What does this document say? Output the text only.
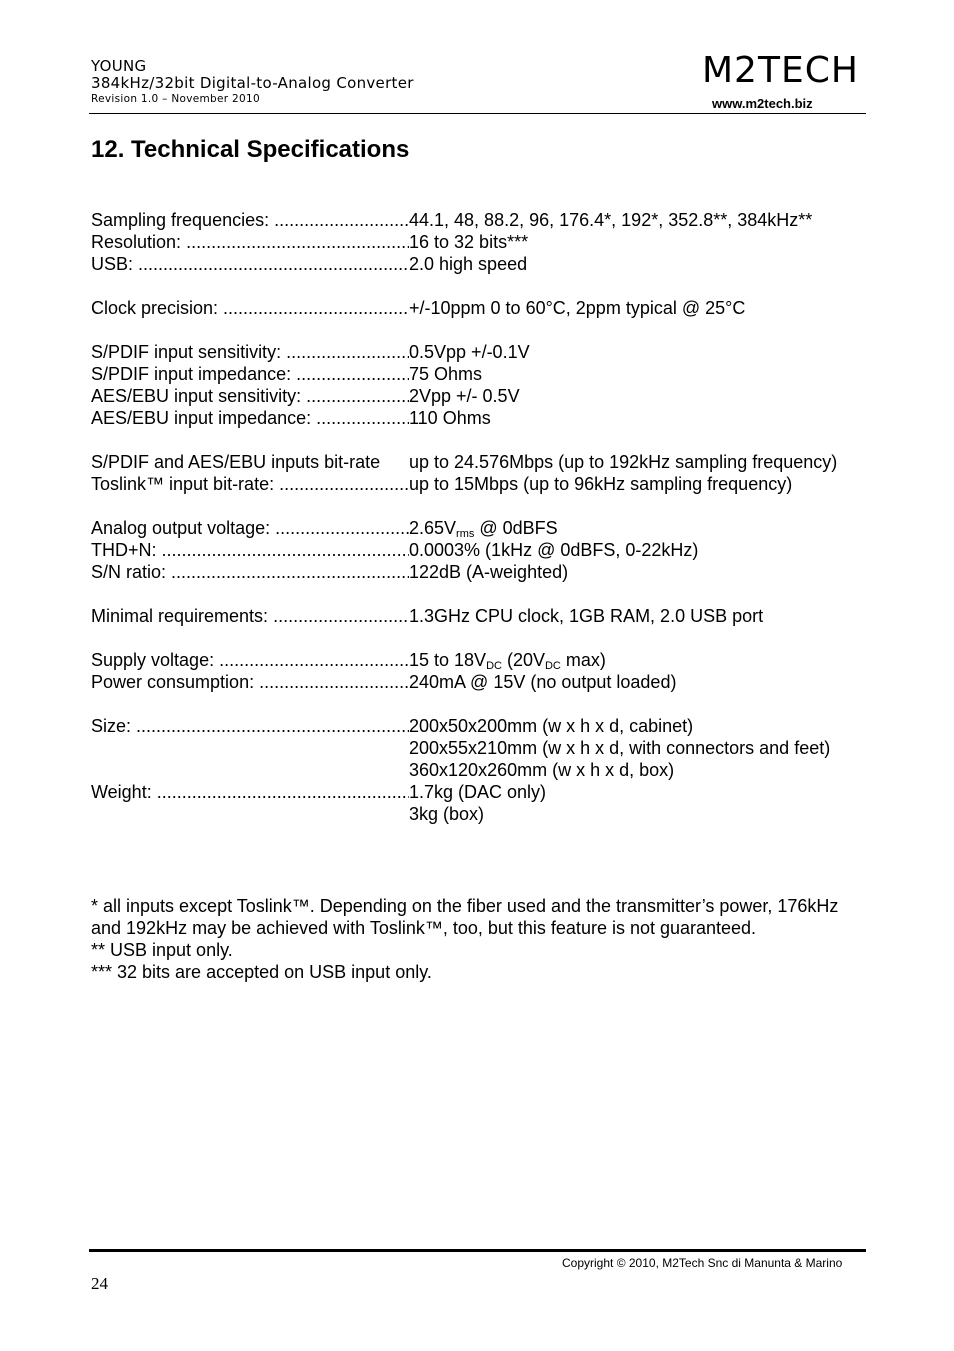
YOUNG
384kHz/32bit Digital-to-Analog Converter
Revision 1.0 – November 2010
M2TECH
www.m2tech.biz
12. Technical Specifications
Sampling frequencies: .....	44.1, 48, 88.2, 96, 176.4*, 192*, 352.8**, 384kHz**
Resolution: .....	16 to 32 bits***
USB: .....	2.0 high speed
Clock precision: .....	+/-10ppm 0 to 60°C, 2ppm typical @ 25°C
S/PDIF input sensitivity: .....	0.5Vpp +/-0.1V
S/PDIF input impedance: .....	75 Ohms
AES/EBU input sensitivity: .....	2Vpp +/- 0.5V
AES/EBU input impedance: .....	110 Ohms
S/PDIF and AES/EBU inputs bit-rate	up to 24.576Mbps (up to 192kHz sampling frequency)
Toslink™ input bit-rate: .....	up to 15Mbps (up to 96kHz sampling frequency)
Analog output voltage: .....	$2.65V_{rms}$ @ 0dBFS
THD+N: .....	0.0003% (1kHz @ 0dBFS, 0-22kHz)
S/N ratio: .....	122dB (A-weighted)
Minimal requirements: .....	1.3GHz CPU clock, 1GB RAM, 2.0 USB port
Supply voltage: .....	15 to $18V_{DC}$ ($20V_{DC}$ max)
Power consumption: .....	240mA @ 15V (no output loaded)
Size: .....	200x50x200mm (w x h x d, cabinet)
200x55x210mm (w x h x d, with connectors and feet)
360x120x260mm (w x h x d, box)
Weight: .....	1.7kg (DAC only)
3kg (box)

* all inputs except Toslink™. Depending on the fiber used and the transmitter’s power, 176kHz and 192kHz may be achieved with Toslink™, too, but this feature is not guaranteed.

** USB input only.

*** 32 bits are accepted on USB input only.

Copyright © 2010, M2Tech Snc di Manunta & Marino
24
